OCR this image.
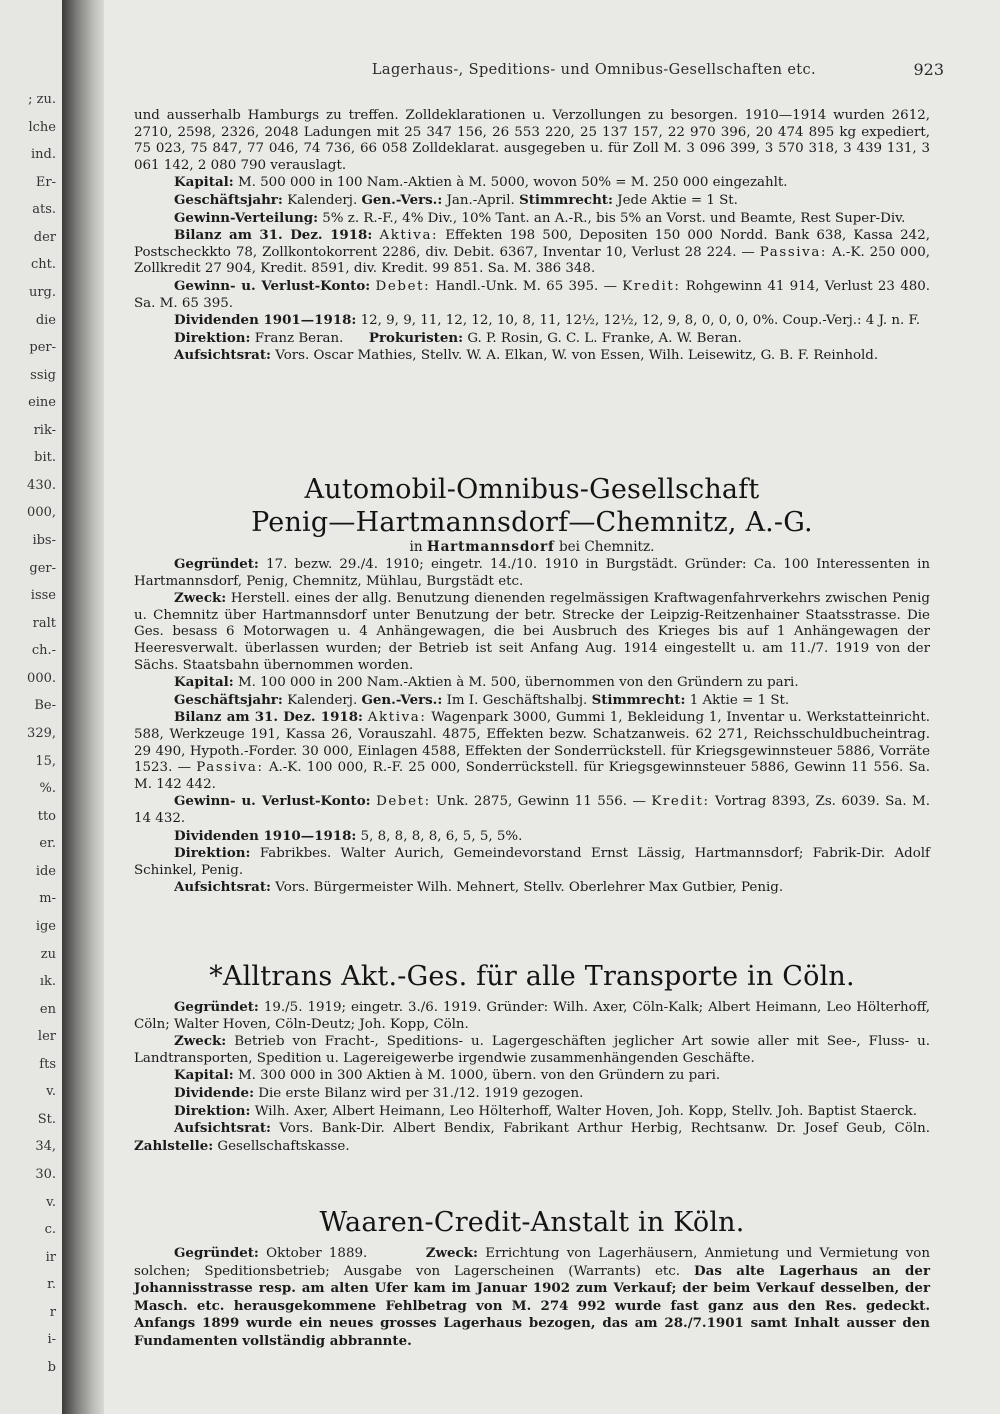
; zu.
lche
ind.
Er-
ats.
der
cht.
urg.
die
per-
ssig
eine
rik-
bit.
430.
000,
ibs-
ger-
isse
ralt
ch.-
000.
Be-
329,
15,
%.
tto
er.
ide
m-
ige
zu
ık.
en
ler
fts
v.
St.
34,
30.
v.
c.
ir
r.
r
i-
b
Lagerhaus-, Speditions- und Omnibus-Gesellschaften etc.	923

und ausserhalb Hamburgs zu treffen. Zolldeklarationen u. Verzollungen zu besorgen. 1910—1914 wurden 2612, 2710, 2598, 2326, 2048 Ladungen mit 25 347 156, 26 553 220, 25 137 157, 22 970 396, 20 474 895 kg expediert, 75 023, 75 847, 77 046, 74 736, 66 058 Zolldeklarat. ausgegeben u. für Zoll M. 3 096 399, 3 570 318, 3 439 131, 3 061 142, 2 080 790 verauslagt.

Kapital: M. 500 000 in 100 Nam.-Aktien à M. 5000, wovon 50% = M. 250 000 eingezahlt.

Geschäftsjahr: Kalenderj. Gen.-Vers.: Jan.-April. Stimmrecht: Jede Aktie = 1 St.

Gewinn-Verteilung: 5% z. R.-F., 4% Div., 10% Tant. an A.-R., bis 5% an Vorst. und Beamte, Rest Super-Div.

Bilanz am 31. Dez. 1918: Aktiva: Effekten 198 500, Depositen 150 000 Nordd. Bank 638, Kassa 242, Postscheckkto 78, Zollkontokorrent 2286, div. Debit. 6367, Inventar 10, Verlust 28 224. — Passiva: A.-K. 250 000, Zollkredit 27 904, Kredit. 8591, div. Kredit. 99 851. Sa. M. 386 348.

Gewinn- u. Verlust-Konto: Debet: Handl.-Unk. M. 65 395. — Kredit: Rohgewinn 41 914, Verlust 23 480. Sa. M. 65 395.

Dividenden 1901—1918: 12, 9, 9, 11, 12, 12, 10, 8, 11, 12½, 12½, 12, 9, 8, 0, 0, 0, 0%. Coup.-Verj.: 4 J. n. F.

Direktion: Franz Beran. Prokuristen: G. P. Rosin, G. C. L. Franke, A. W. Beran.

Aufsichtsrat: Vors. Oscar Mathies, Stellv. W. A. Elkan, W. von Essen, Wilh. Leisewitz, G. B. F. Reinhold.

Automobil-Omnibus-Gesellschaft
Penig—Hartmannsdorf—Chemnitz, A.-G.
in Hartmannsdorf bei Chemnitz.

Gegründet: 17. bezw. 29./4. 1910; eingetr. 14./10. 1910 in Burgstädt. Gründer: Ca. 100 Interessenten in Hartmannsdorf, Penig, Chemnitz, Mühlau, Burgstädt etc.

Zweck: Herstell. eines der allg. Benutzung dienenden regelmässigen Kraftwagenfahrverkehrs zwischen Penig u. Chemnitz über Hartmannsdorf unter Benutzung der betr. Strecke der Leipzig-Reitzenhainer Staatsstrasse. Die Ges. besass 6 Motorwagen u. 4 Anhängewagen, die bei Ausbruch des Krieges bis auf 1 Anhängewagen der Heeresverwalt. überlassen wurden; der Betrieb ist seit Anfang Aug. 1914 eingestellt u. am 11./7. 1919 von der Sächs. Staatsbahn übernommen worden.

Kapital: M. 100 000 in 200 Nam.-Aktien à M. 500, übernommen von den Gründern zu pari.

Geschäftsjahr: Kalenderj. Gen.-Vers.: Im I. Geschäftshalbj. Stimmrecht: 1 Aktie = 1 St.

Bilanz am 31. Dez. 1918: Aktiva: Wagenpark 3000, Gummi 1, Bekleidung 1, Inventar u. Werkstatteinricht. 588, Werkzeuge 191, Kassa 26, Vorauszahl. 4875, Effekten bezw. Schatzanweis. 62 271, Reichsschuldbucheintrag. 29 490, Hypoth.-Forder. 30 000, Einlagen 4588, Effekten der Sonderrückstell. für Kriegsgewinnsteuer 5886, Vorräte 1523. — Passiva: A.-K. 100 000, R.-F. 25 000, Sonderrückstell. für Kriegsgewinnsteuer 5886, Gewinn 11 556. Sa. M. 142 442.

Gewinn- u. Verlust-Konto: Debet: Unk. 2875, Gewinn 11 556. — Kredit: Vortrag 8393, Zs. 6039. Sa. M. 14 432.

Dividenden 1910—1918: 5, 8, 8, 8, 8, 6, 5, 5, 5%.

Direktion: Fabrikbes. Walter Aurich, Gemeindevorstand Ernst Lässig, Hartmannsdorf; Fabrik-Dir. Adolf Schinkel, Penig.

Aufsichtsrat: Vors. Bürgermeister Wilh. Mehnert, Stellv. Oberlehrer Max Gutbier, Penig.

*Alltrans Akt.-Ges. für alle Transporte in Cöln.

Gegründet: 19./5. 1919; eingetr. 3./6. 1919. Gründer: Wilh. Axer, Cöln-Kalk; Albert Heimann, Leo Hölterhoff, Cöln; Walter Hoven, Cöln-Deutz; Joh. Kopp, Cöln.

Zweck: Betrieb von Fracht-, Speditions- u. Lagergeschäften jeglicher Art sowie aller mit See-, Fluss- u. Landtransporten, Spedition u. Lagereigewerbe irgendwie zusammenhängenden Geschäfte.

Kapital: M. 300 000 in 300 Aktien à M. 1000, übern. von den Gründern zu pari.

Dividende: Die erste Bilanz wird per 31./12. 1919 gezogen.

Direktion: Wilh. Axer, Albert Heimann, Leo Hölterhoff, Walter Hoven, Joh. Kopp, Stellv. Joh. Baptist Staerck.

Aufsichtsrat: Vors. Bank-Dir. Albert Bendix, Fabrikant Arthur Herbig, Rechtsanw. Dr. Josef Geub, Cöln. Zahlstelle: Gesellschaftskasse.

Waaren-Credit-Anstalt in Köln.

Gegründet: Oktober 1889.	Zweck: Errichtung von Lagerhäusern, Anmietung und Vermietung von solchen; Speditionsbetrieb; Ausgabe von Lagerscheinen (Warrants) etc. Das alte Lagerhaus an der Johannisstrasse resp. am alten Ufer kam im Januar 1902 zum Verkauf; der beim Verkauf desselben, der Masch. etc. herausgekommene Fehlbetrag von M. 274 992 wurde fast ganz aus den Res. gedeckt. Anfangs 1899 wurde ein neues grosses Lagerhaus bezogen, das am 28./7.1901 samt Inhalt ausser den Fundamenten vollständig abbrannte.
